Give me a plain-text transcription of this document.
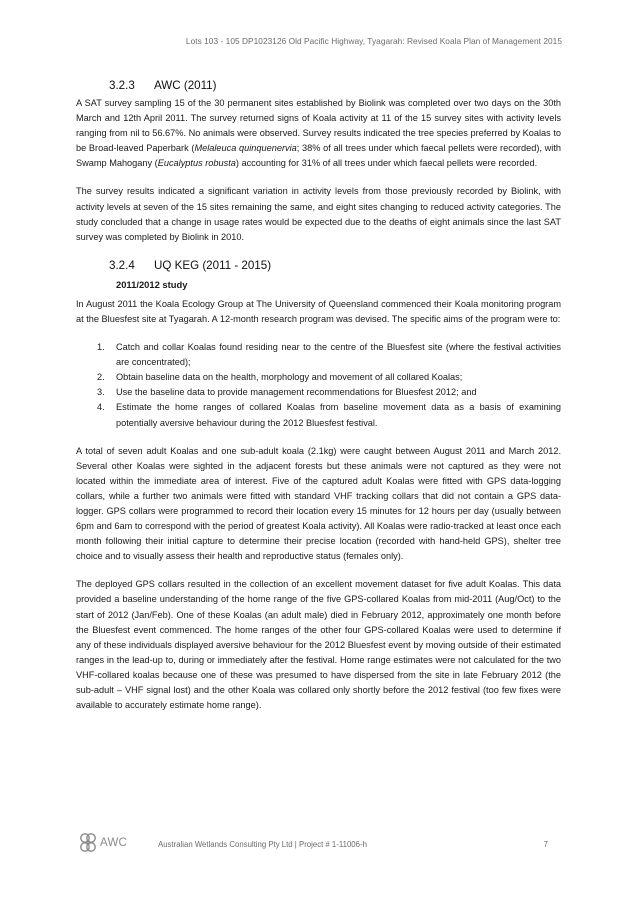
Lots 103 - 105 DP1023126 Old Pacific Highway, Tyagarah: Revised Koala Plan of Management 2015
3.2.3 AWC (2011)

A SAT survey sampling 15 of the 30 permanent sites established by Biolink was completed over two days on the 30th March and 12th April 2011. The survey returned signs of Koala activity at 11 of the 15 survey sites with activity levels ranging from nil to 56.67%. No animals were observed. Survey results indicated the tree species preferred by Koalas to be Broad-leaved Paperbark (Melaleuca quinquenervia; 38% of all trees under which faecal pellets were recorded), with Swamp Mahogany (Eucalyptus robusta) accounting for 31% of all trees under which faecal pellets were recorded.

The survey results indicated a significant variation in activity levels from those previously recorded by Biolink, with activity levels at seven of the 15 sites remaining the same, and eight sites changing to reduced activity categories. The study concluded that a change in usage rates would be expected due to the deaths of eight animals since the last SAT survey was completed by Biolink in 2010.

3.2.4 UQ KEG (2011 - 2015)
2011/2012 study

In August 2011 the Koala Ecology Group at The University of Queensland commenced their Koala monitoring program at the Bluesfest site at Tyagarah. A 12-month research program was devised. The specific aims of the program were to:

1. Catch and collar Koalas found residing near to the centre of the Bluesfest site (where the festival activities are concentrated);
2. Obtain baseline data on the health, morphology and movement of all collared Koalas;
3. Use the baseline data to provide management recommendations for Bluesfest 2012; and
4. Estimate the home ranges of collared Koalas from baseline movement data as a basis of examining potentially aversive behaviour during the 2012 Bluesfest festival.

A total of seven adult Koalas and one sub-adult koala (2.1kg) were caught between August 2011 and March 2012. Several other Koalas were sighted in the adjacent forests but these animals were not captured as they were not located within the immediate area of interest. Five of the captured adult Koalas were fitted with GPS data-logging collars, while a further two animals were fitted with standard VHF tracking collars that did not contain a GPS data-logger. GPS collars were programmed to record their location every 15 minutes for 12 hours per day (usually between 6pm and 6am to correspond with the period of greatest Koala activity). All Koalas were radio-tracked at least once each month following their initial capture to determine their precise location (recorded with hand-held GPS), shelter tree choice and to visually assess their health and reproductive status (females only).

The deployed GPS collars resulted in the collection of an excellent movement dataset for five adult Koalas. This data provided a baseline understanding of the home range of the five GPS-collared Koalas from mid-2011 (Aug/Oct) to the start of 2012 (Jan/Feb). One of these Koalas (an adult male) died in February 2012, approximately one month before the Bluesfest event commenced. The home ranges of the other four GPS-collared Koalas were used to determine if any of these individuals displayed aversive behaviour for the 2012 Bluesfest event by moving outside of their estimated ranges in the lead-up to, during or immediately after the festival. Home range estimates were not calculated for the two VHF-collared koalas because one of these was presumed to have dispersed from the site in late February 2012 (the sub-adult – VHF signal lost) and the other Koala was collared only shortly before the 2012 festival (too few fixes were available to accurately estimate home range).

AWC	Australian Wetlands Consulting Pty Ltd | Project # 1-11006-h	7
